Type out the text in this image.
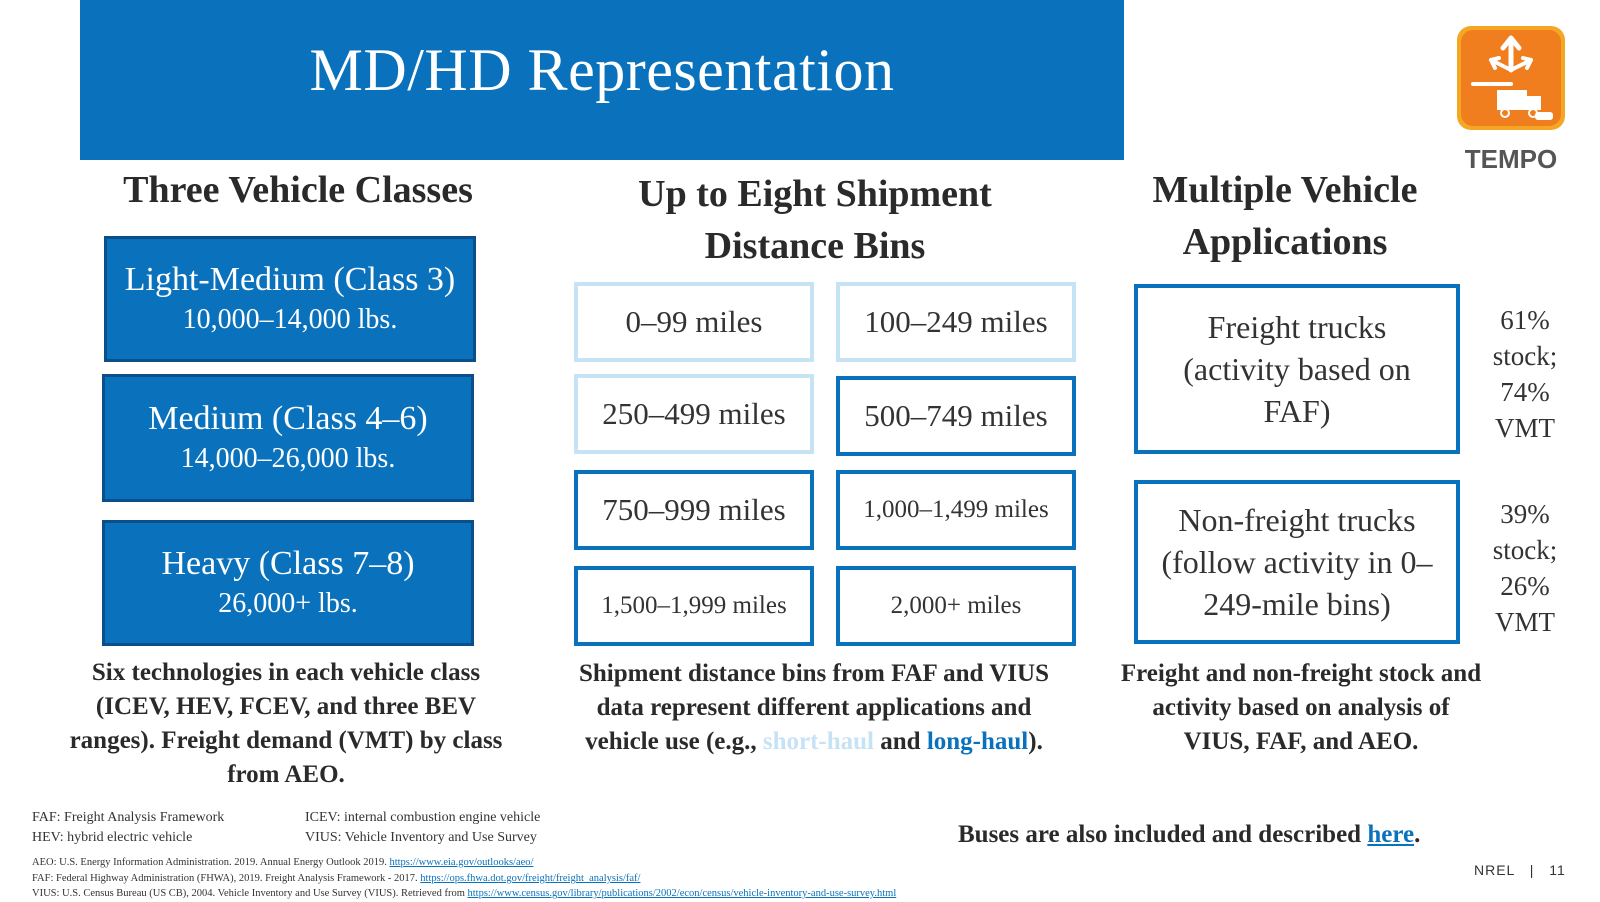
MD/HD Representation
TEMPO
Three Vehicle Classes
Light-Medium (Class 3)
10,000–14,000 lbs.
Medium (Class 4–6)
14,000–26,000 lbs.
Heavy (Class 7–8)
26,000+ lbs.
Six technologies in each vehicle class (ICEV, HEV, FCEV, and three BEV ranges). Freight demand (VMT) by class from AEO.
Up to Eight Shipment
Distance Bins
0–99 miles	100–249 miles
250–499 miles	500–749 miles
750–999 miles	1,000–1,499 miles
1,500–1,999 miles	2,000+ miles
Shipment distance bins from FAF and VIUS data represent different applications and vehicle use (e.g., short-haul and long-haul).
Multiple Vehicle
Applications
Freight trucks
(activity based on
FAF)
61%
stock;
74%
VMT
Non-freight trucks
(follow activity in 0–
249-mile bins)
39%
stock;
26%
VMT
Freight and non-freight stock and activity based on analysis of VIUS, FAF, and AEO.
FAF: Freight Analysis Framework
HEV: hybrid electric vehicle
ICEV: internal combustion engine vehicle
VIUS: Vehicle Inventory and Use Survey
AEO: U.S. Energy Information Administration. 2019. Annual Energy Outlook 2019. https://www.eia.gov/outlooks/aeo/
FAF: Federal Highway Administration (FHWA), 2019. Freight Analysis Framework - 2017. https://ops.fhwa.dot.gov/freight/freight_analysis/faf/
VIUS: U.S. Census Bureau (US CB), 2004. Vehicle Inventory and Use Survey (VIUS). Retrieved from https://www.census.gov/library/publications/2002/econ/census/vehicle-inventory-and-use-survey.html
Buses are also included and described here.
NREL | 11
